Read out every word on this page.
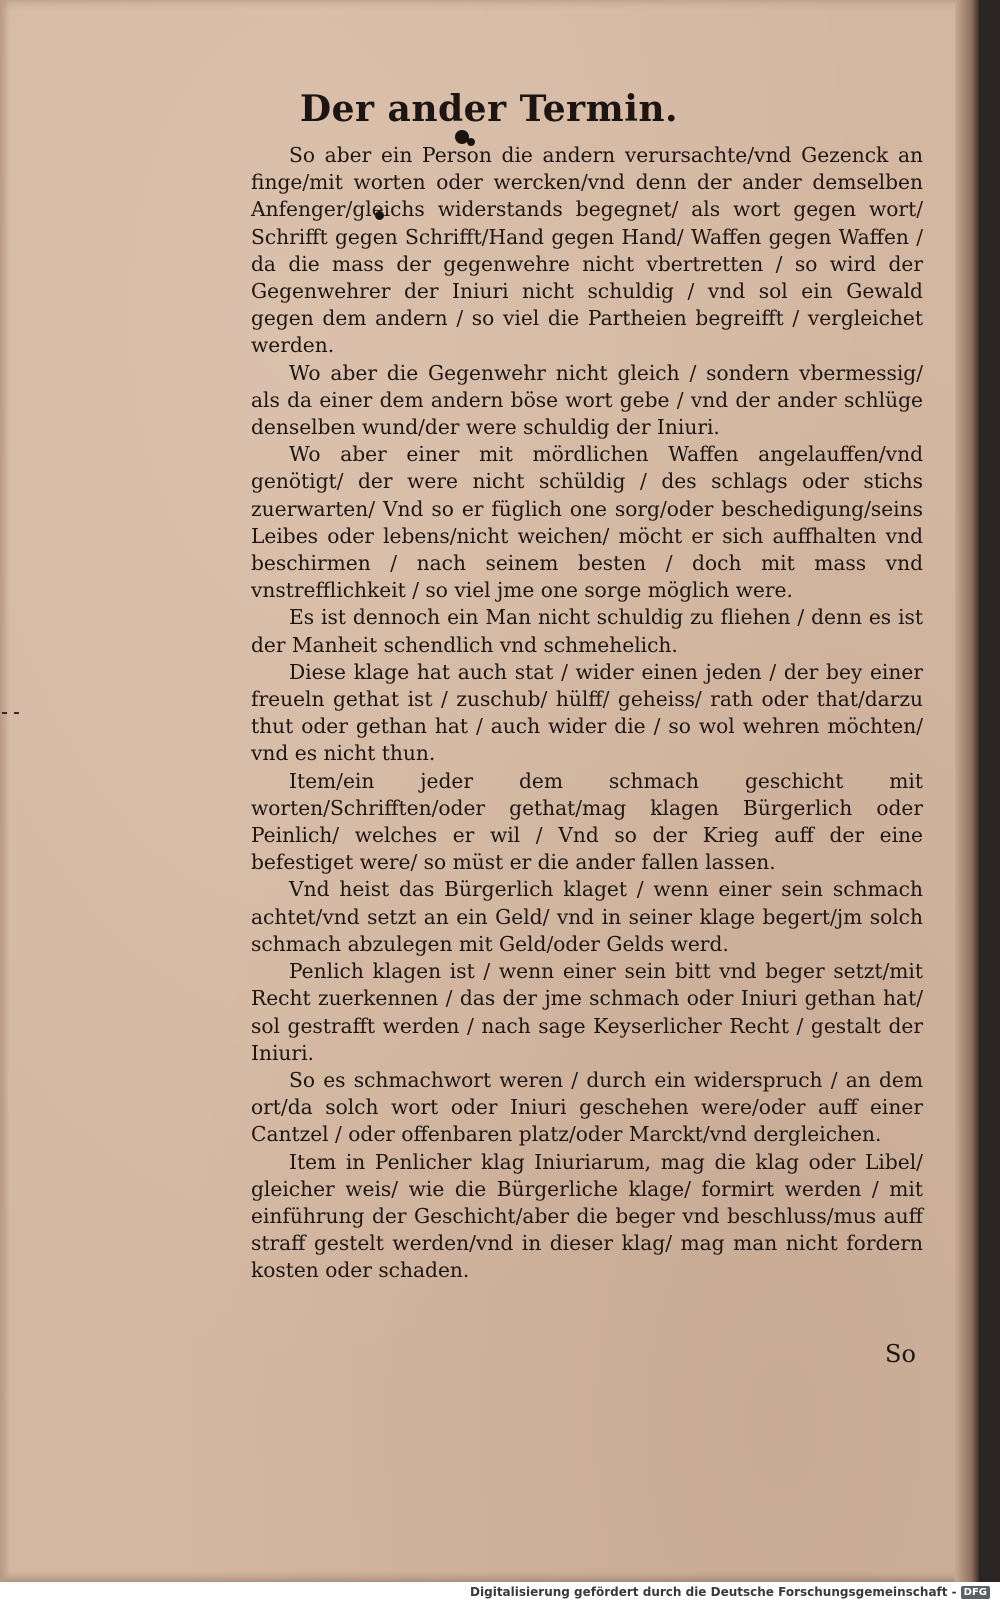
Der ander Termin.

So aber ein Person die andern verursachte/vnd Gezenck an finge/mit worten oder wercken/vnd denn der ander demselben Anfenger/gleichs widerstands begegnet/ als wort gegen wort/ Schrifft gegen Schrifft/Hand gegen Hand/ Waffen gegen Waffen / da die mass der gegenwehre nicht vbertretten / so wird der Gegenwehrer der Iniuri nicht schuldig / vnd sol ein Gewald gegen dem andern / so viel die Partheien begreifft / vergleichet werden.

Wo aber die Gegenwehr nicht gleich / sondern vbermessig/ als da einer dem andern böse wort gebe / vnd der ander schlüge denselben wund/der were schuldig der Iniuri.

Wo aber einer mit mördlichen Waffen angelauffen/vnd genötigt/ der were nicht schüldig / des schlags oder stichs zuerwarten/ Vnd so er füglich one sorg/oder beschedigung/seins Leibes oder lebens/nicht weichen/ möcht er sich auffhalten vnd beschirmen / nach seinem besten / doch mit mass vnd vnstrefflichkeit / so viel jme one sorge möglich were.

Es ist dennoch ein Man nicht schuldig zu fliehen / denn es ist der Manheit schendlich vnd schmehelich.

Diese klage hat auch stat / wider einen jeden / der bey einer freueln gethat ist / zuschub/ hülff/ geheiss/ rath oder that/darzu thut oder gethan hat / auch wider die / so wol wehren möchten/ vnd es nicht thun.

Item/ein jeder dem schmach geschicht mit worten/Schrifften/oder gethat/mag klagen Bürgerlich oder Peinlich/ welches er wil / Vnd so der Krieg auff der eine befestiget were/ so müst er die ander fallen lassen.

Vnd heist das Bürgerlich klaget / wenn einer sein schmach achtet/vnd setzt an ein Geld/ vnd in seiner klage begert/jm solch schmach abzulegen mit Geld/oder Gelds werd.

Penlich klagen ist / wenn einer sein bitt vnd beger setzt/mit Recht zuerkennen / das der jme schmach oder Iniuri gethan hat/ sol gestrafft werden / nach sage Keyserlicher Recht / gestalt der Iniuri.

So es schmachwort weren / durch ein widerspruch / an dem ort/da solch wort oder Iniuri geschehen were/oder auff einer Cantzel / oder offenbaren platz/oder Marckt/vnd dergleichen.

Item in Penlicher klag Iniuriarum, mag die klag oder Libel/ gleicher weis/ wie die Bürgerliche klage/ formirt werden / mit einführung der Geschicht/aber die beger vnd beschluss/mus auff straff gestelt werden/vnd in dieser klag/ mag man nicht fordern kosten oder schaden.

So
Digitalisierung gefördert durch die Deutsche Forschungsgemeinschaft - DFG
